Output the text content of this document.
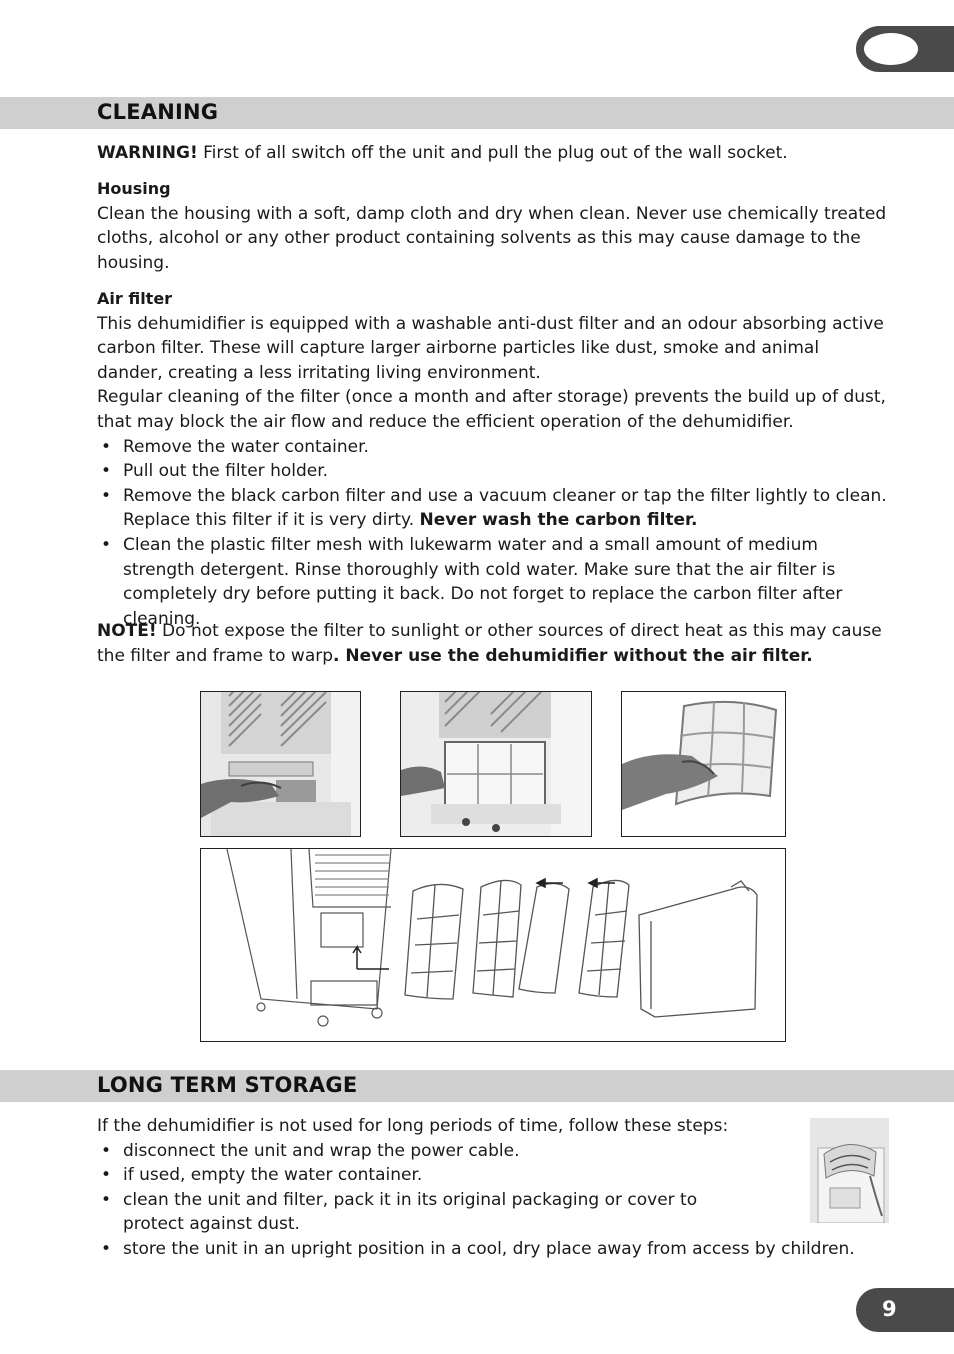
CLEANING

WARNING! First of all switch off the unit and pull the plug out of the wall socket.

Housing
Clean the housing with a soft, damp cloth and dry when clean. Never use chemically treated cloths, alcohol or any other product containing solvents as this may cause damage to the housing.
Air filter
This dehumidifier is equipped with a washable anti-dust filter and an odour absorbing active carbon filter. These will capture larger airborne particles like dust, smoke and animal dander, creating a less irritating living environment.
Regular cleaning of the filter (once a month and after storage) prevents the build up of dust, that may block the air flow and reduce the efficient operation of the dehumidifier.
• Remove the water container.
• Pull out the filter holder.
• Remove the black carbon filter and use a vacuum cleaner or tap the filter lightly to clean. Replace this filter if it is very dirty. Never wash the carbon filter.
• Clean the plastic filter mesh with lukewarm water and a small amount of medium strength detergent. Rinse thoroughly with cold water. Make sure that the air filter is completely dry before putting it back. Do not forget to replace the carbon filter after cleaning.

NOTE! Do not expose the filter to sunlight or other sources of direct heat as this may cause the filter and frame to warp. Never use the dehumidifier without the air filter.

LONG TERM STORAGE
If the dehumidifier is not used for long periods of time, follow these steps:
• disconnect the unit and wrap the power cable.
• if used, empty the water container.
• clean the unit and filter, pack it in its original packaging or cover to protect against dust.
• store the unit in an upright position in a cool, dry place away from access by children.
9
